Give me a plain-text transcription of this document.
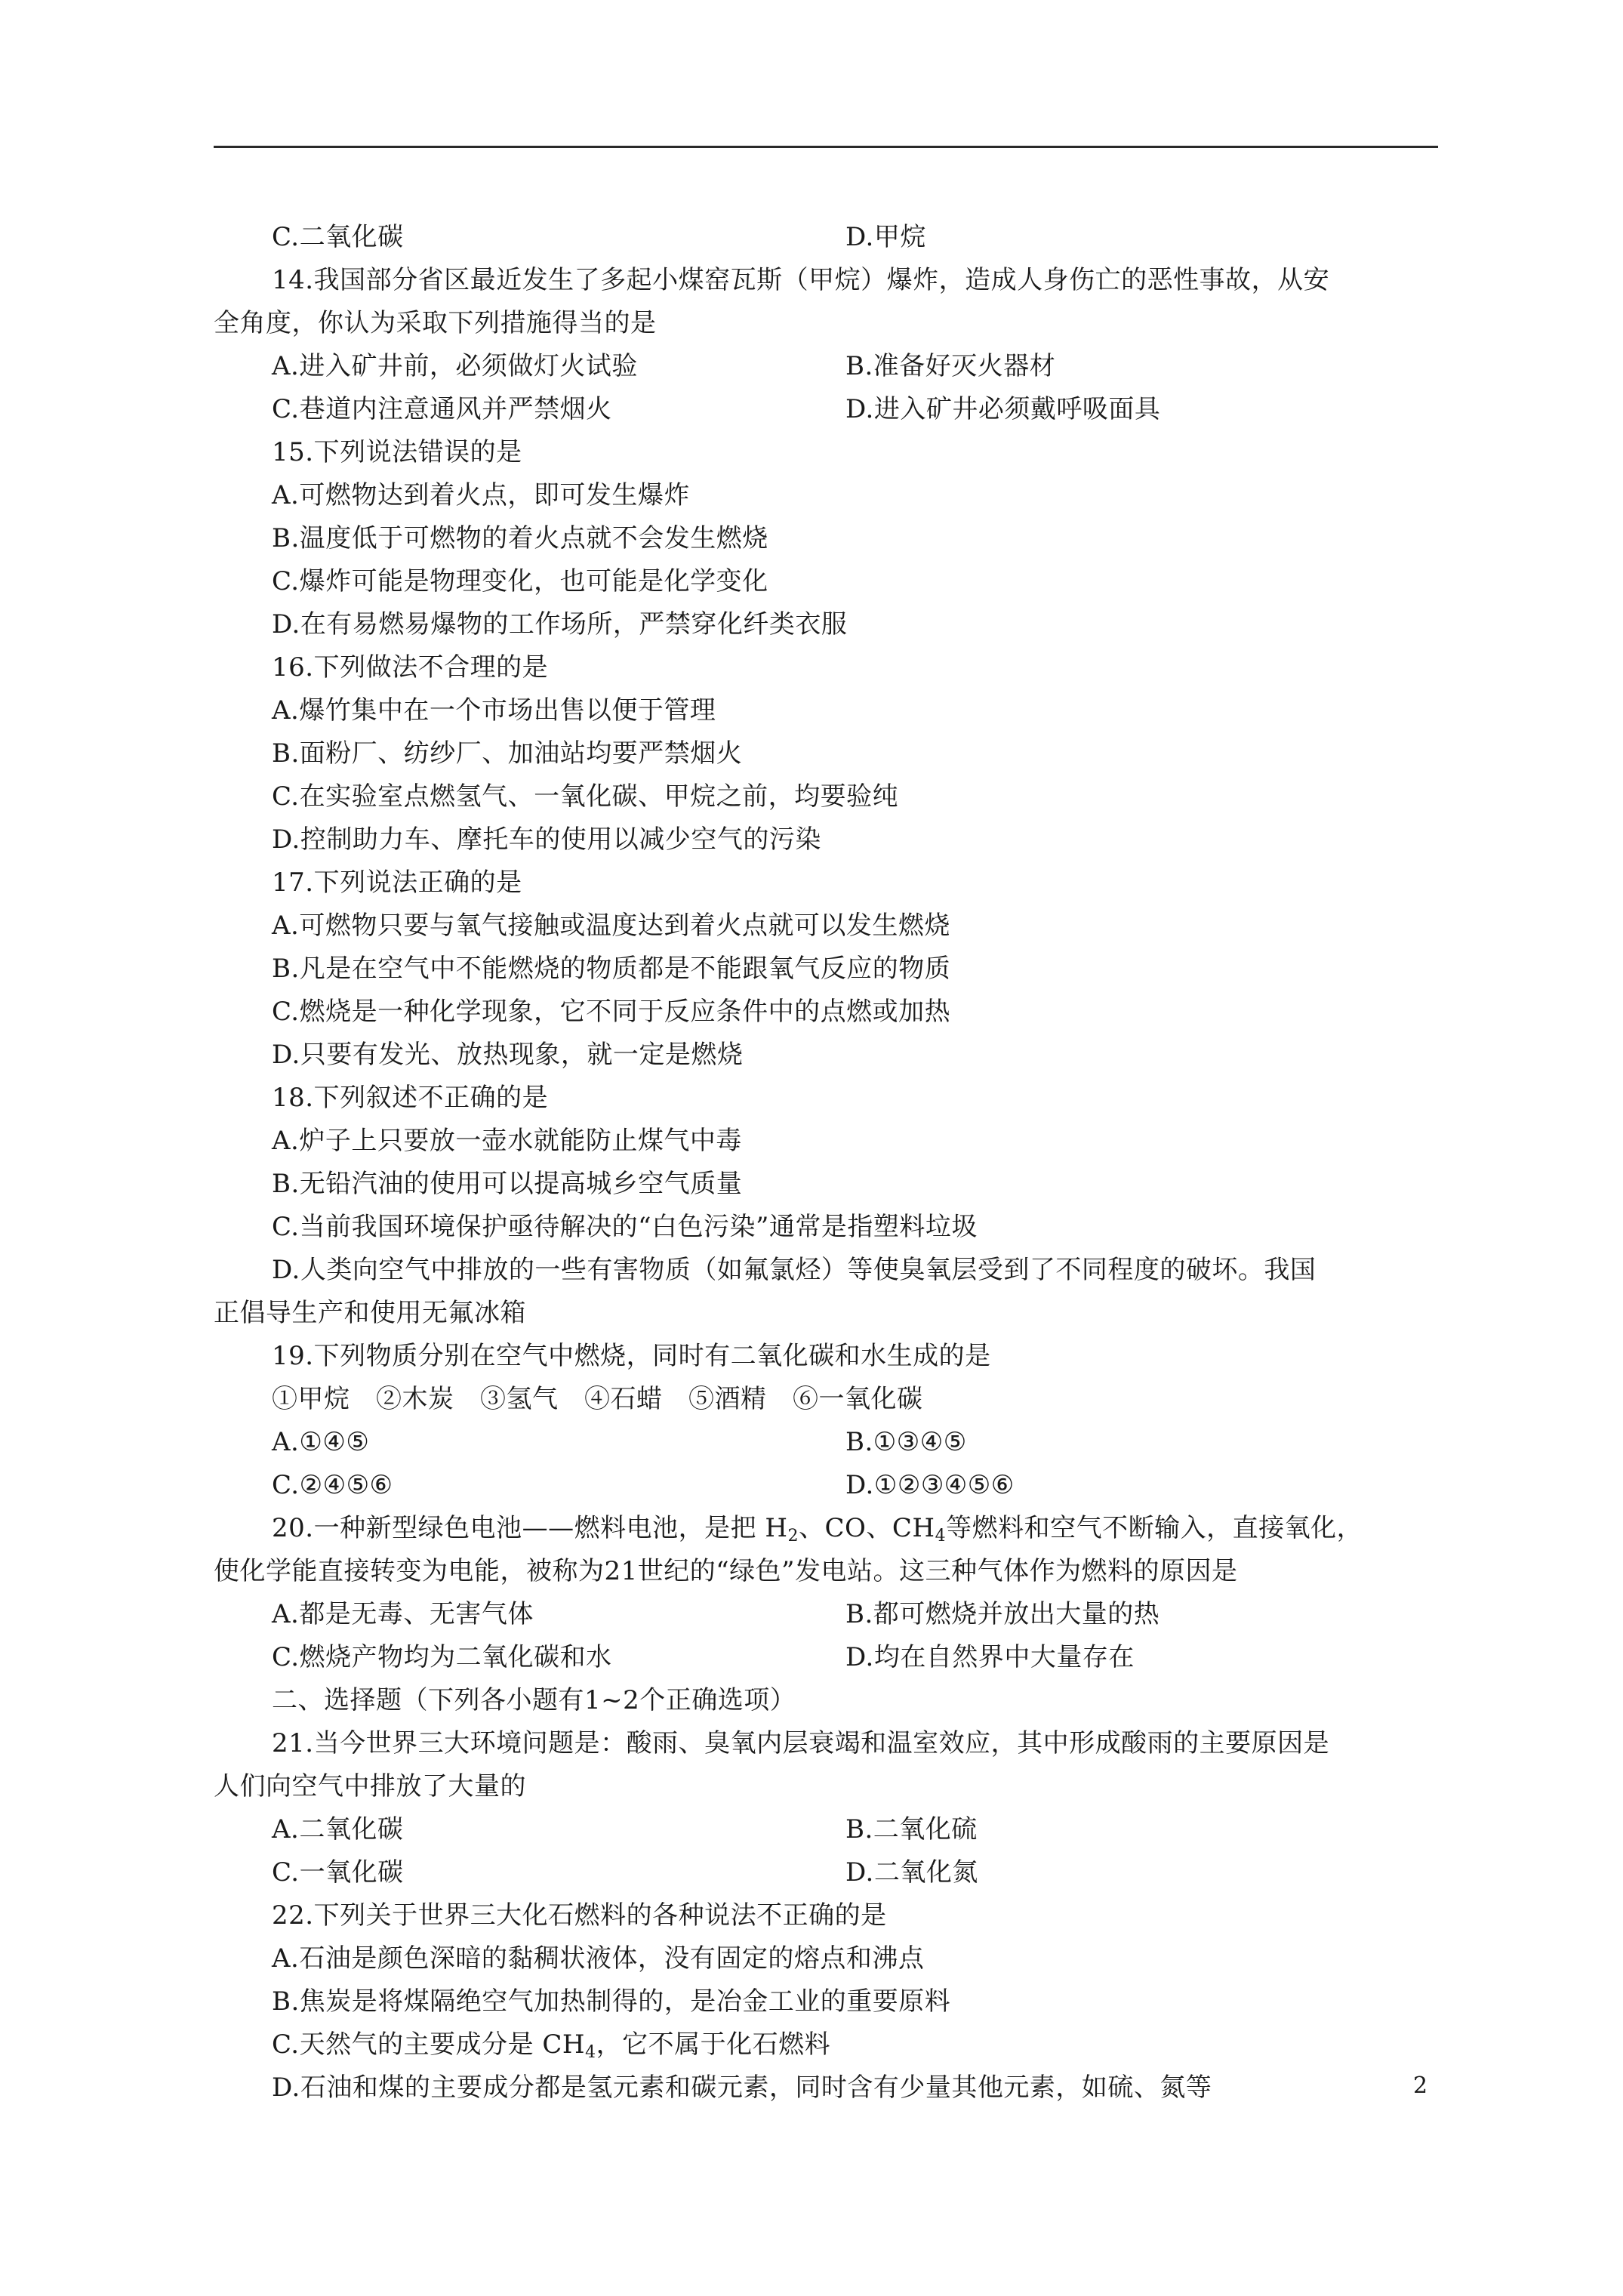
C.二氧化碳	D.甲烷
14.我国部分省区最近发生了多起小煤窑瓦斯（甲烷）爆炸，造成人身伤亡的恶性事故，从安
全角度，你认为采取下列措施得当的是
A.进入矿井前，必须做灯火试验	B.准备好灭火器材
C.巷道内注意通风并严禁烟火	D.进入矿井必须戴呼吸面具
15.下列说法错误的是
A.可燃物达到着火点，即可发生爆炸
B.温度低于可燃物的着火点就不会发生燃烧
C.爆炸可能是物理变化，也可能是化学变化
D.在有易燃易爆物的工作场所，严禁穿化纤类衣服
16.下列做法不合理的是
A.爆竹集中在一个市场出售以便于管理
B.面粉厂、纺纱厂、加油站均要严禁烟火
C.在实验室点燃氢气、一氧化碳、甲烷之前，均要验纯
D.控制助力车、摩托车的使用以减少空气的污染
17.下列说法正确的是
A.可燃物只要与氧气接触或温度达到着火点就可以发生燃烧
B.凡是在空气中不能燃烧的物质都是不能跟氧气反应的物质
C.燃烧是一种化学现象，它不同于反应条件中的点燃或加热
D.只要有发光、放热现象，就一定是燃烧
18.下列叙述不正确的是
A.炉子上只要放一壶水就能防止煤气中毒
B.无铅汽油的使用可以提高城乡空气质量
C.当前我国环境保护亟待解决的“白色污染”通常是指塑料垃圾
D.人类向空气中排放的一些有害物质（如氟氯烃）等使臭氧层受到了不同程度的破坏。我国
正倡导生产和使用无氟冰箱
19.下列物质分别在空气中燃烧，同时有二氧化碳和水生成的是
①甲烷　②木炭　③氢气　④石蜡　⑤酒精　⑥一氧化碳
A.①④⑤	B.①③④⑤
C.②④⑤⑥	D.①②③④⑤⑥
20.一种新型绿色电池——燃料电池，是把 $H_2$、CO、$CH_4$等燃料和空气不断输入，直接氧化，
使化学能直接转变为电能，被称为21世纪的“绿色”发电站。这三种气体作为燃料的原因是
A.都是无毒、无害气体	B.都可燃烧并放出大量的热
C.燃烧产物均为二氧化碳和水	D.均在自然界中大量存在
二、选择题（下列各小题有1~2个正确选项）
21.当今世界三大环境问题是：酸雨、臭氧内层衰竭和温室效应，其中形成酸雨的主要原因是
人们向空气中排放了大量的
A.二氧化碳	B.二氧化硫
C.一氧化碳	D.二氧化氮
22.下列关于世界三大化石燃料的各种说法不正确的是
A.石油是颜色深暗的黏稠状液体，没有固定的熔点和沸点
B.焦炭是将煤隔绝空气加热制得的，是冶金工业的重要原料
C.天然气的主要成分是 $CH_4$，它不属于化石燃料
D.石油和煤的主要成分都是氢元素和碳元素，同时含有少量其他元素，如硫、氮等	2
